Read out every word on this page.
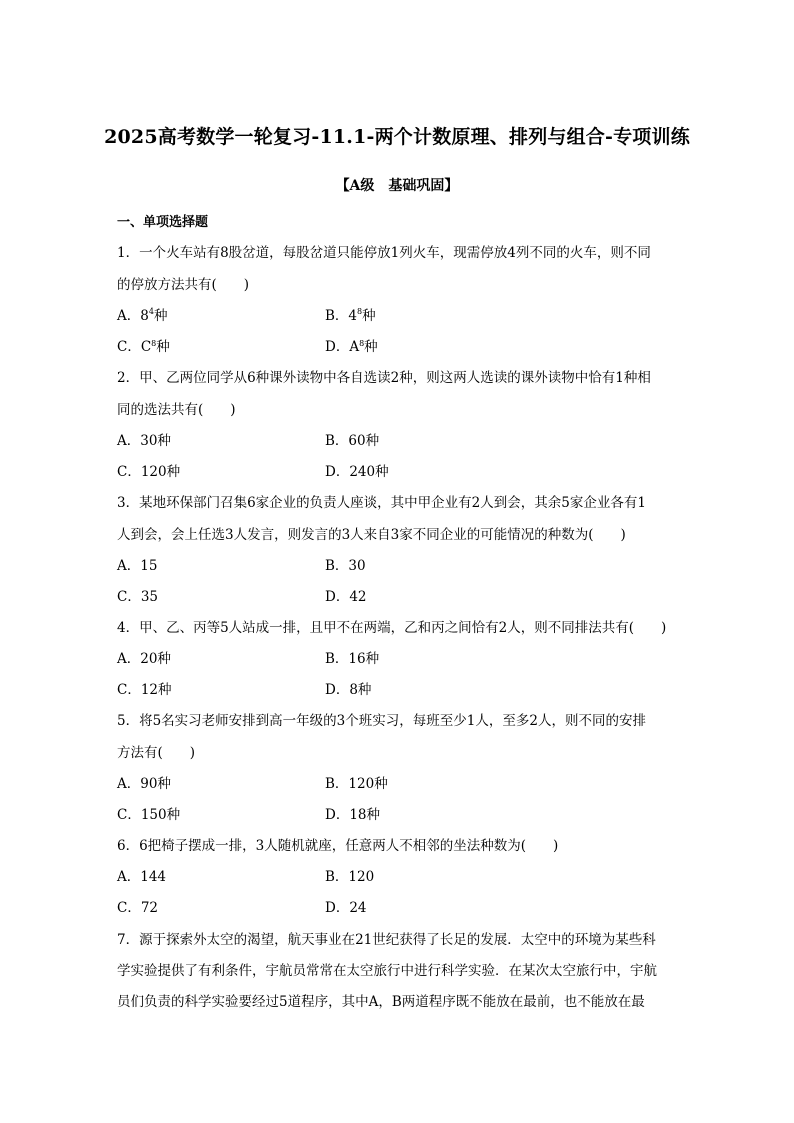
2025高考数学一轮复习-11.1-两个计数原理、排列与组合-专项训练
【A级　基础巩固】
一、单项选择题
1．一个火车站有8股岔道，每股岔道只能停放1列火车，现需停放4列不同的火车，则不同
的停放方法共有(　　)
A．$8^4$种	B．$4^8$种
C．$C^8$种	D．$A^8$种
2．甲、乙两位同学从6种课外读物中各自选读2种，则这两人选读的课外读物中恰有1种相
同的选法共有(　　)
A．30种	B．60种
C．120种	D．240种
3．某地环保部门召集6家企业的负责人座谈，其中甲企业有2人到会，其余5家企业各有1
人到会，会上任选3人发言，则发言的3人来自3家不同企业的可能情况的种数为(　　)
A．15	B．30
C．35	D．42
4．甲、乙、丙等5人站成一排，且甲不在两端，乙和丙之间恰有2人，则不同排法共有(　　)
A．20种	B．16种
C．12种	D．8种
5．将5名实习老师安排到高一年级的3个班实习，每班至少1人，至多2人，则不同的安排
方法有(　　)
A．90种	B．120种
C．150种	D．18种
6．6把椅子摆成一排，3人随机就座，任意两人不相邻的坐法种数为(　　)
A．144	B．120
C．72	D．24
7．源于探索外太空的渴望，航天事业在21世纪获得了长足的发展．太空中的环境为某些科
学实验提供了有利条件，宇航员常常在太空旅行中进行科学实验．在某次太空旅行中，宇航
员们负责的科学实验要经过5道程序，其中A，B两道程序既不能放在最前，也不能放在最
